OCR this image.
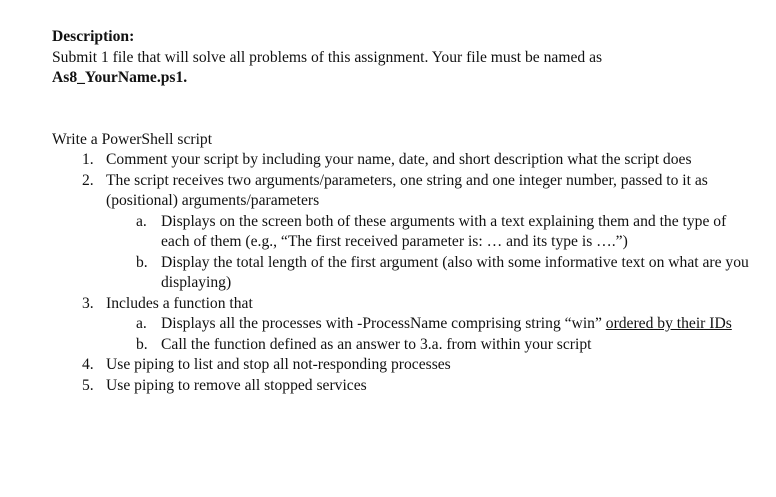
Description:
Submit 1 file that will solve all problems of this assignment. Your file must be named as
As8_YourName.ps1.
Write a PowerShell script
1. Comment your script by including your name, date, and short description what the script does
2. The script receives two arguments/parameters, one string and one integer number, passed to it as (positional) arguments/parameters
a. Displays on the screen both of these arguments with a text explaining them and the type of each of them (e.g., “The first received parameter is: … and its type is ….”)
b. Display the total length of the first argument (also with some informative text on what are you displaying)
3. Includes a function that
a. Displays all the processes with -ProcessName comprising string “win” ordered by their IDs
b. Call the function defined as an answer to 3.a. from within your script
4. Use piping to list and stop all not-responding processes
5. Use piping to remove all stopped services
